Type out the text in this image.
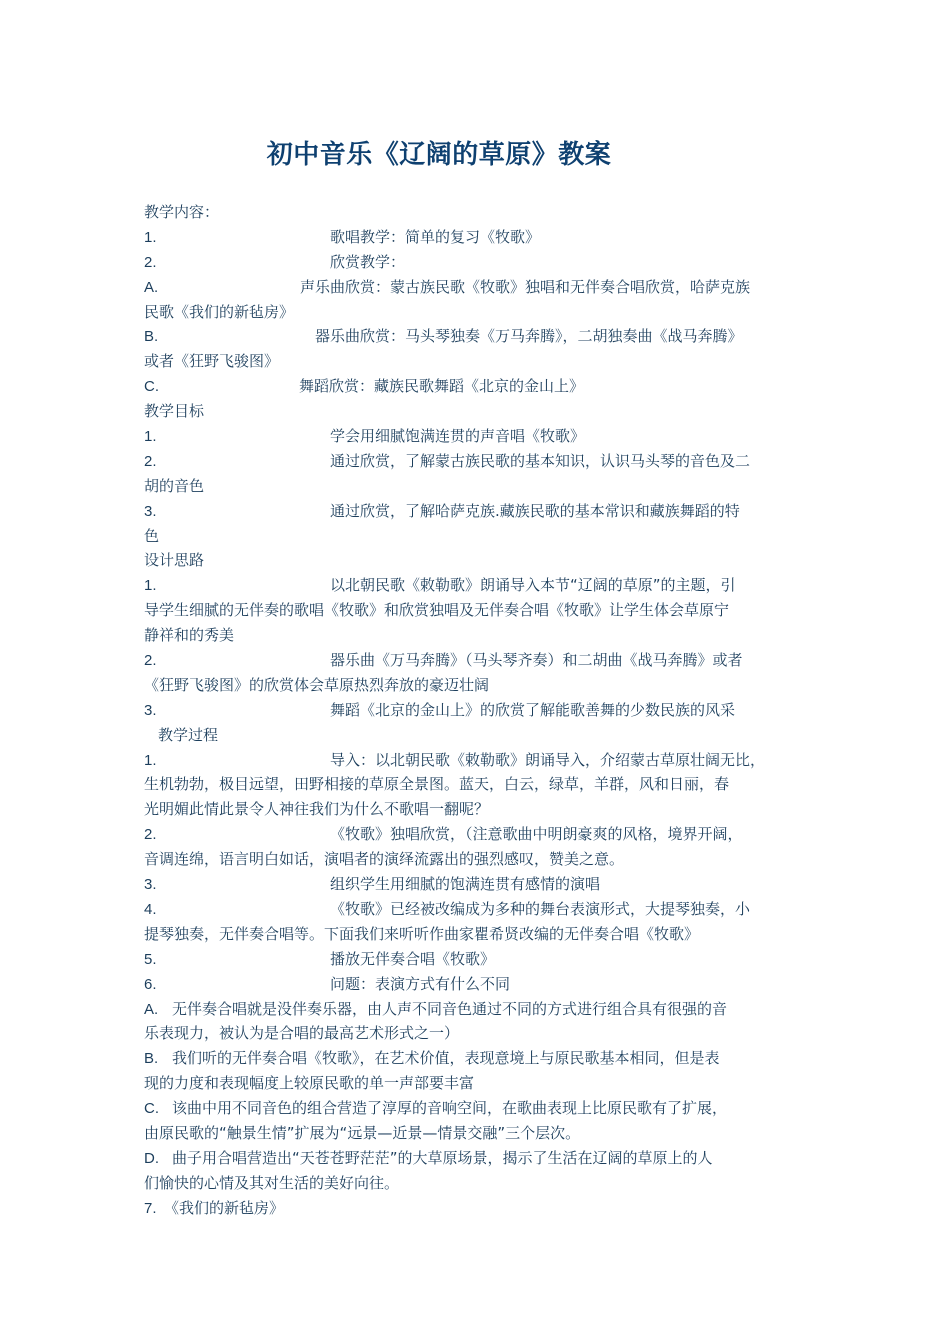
初中音乐《辽阔的草原》教案
教学内容：
1.	歌唱教学：简单的复习《牧歌》
2.	欣赏教学：
A.	声乐曲欣赏：蒙古族民歌《牧歌》独唱和无伴奏合唱欣赏，哈萨克族
民歌《我们的新毡房》
B.	器乐曲欣赏：马头琴独奏《万马奔腾》，二胡独奏曲《战马奔腾》
或者《狂野飞骏图》
C.	舞蹈欣赏：藏族民歌舞蹈《北京的金山上》
教学目标
1.	学会用细腻饱满连贯的声音唱《牧歌》
2.	通过欣赏，了解蒙古族民歌的基本知识，认识马头琴的音色及二
胡的音色
3.	通过欣赏，了解哈萨克族.藏族民歌的基本常识和藏族舞蹈的特
色
设计思路
1.	以北朝民歌《敕勒歌》朗诵导入本节“辽阔的草原”的主题，引
导学生细腻的无伴奏的歌唱《牧歌》和欣赏独唱及无伴奏合唱《牧歌》让学生体会草原宁
静祥和的秀美
2.	器乐曲《万马奔腾》（马头琴齐奏）和二胡曲《战马奔腾》或者
《狂野飞骏图》的欣赏体会草原热烈奔放的豪迈壮阔
3.	舞蹈《北京的金山上》的欣赏了解能歌善舞的少数民族的风采
教学过程
1.	导入：以北朝民歌《敕勒歌》朗诵导入，介绍蒙古草原壮阔无比，
生机勃勃，极目远望，田野相接的草原全景图。蓝天，白云，绿草，羊群，风和日丽，春
光明媚此情此景令人神往我们为什么不歌唱一翻呢？
2.	《牧歌》独唱欣赏，（注意歌曲中明朗豪爽的风格，境界开阔，
音调连绵，语言明白如话，演唱者的演绎流露出的强烈感叹，赞美之意。
3.	组织学生用细腻的饱满连贯有感情的演唱
4.	《牧歌》已经被改编成为多种的舞台表演形式，大提琴独奏，小
提琴独奏，无伴奏合唱等。下面我们来听听作曲家瞿希贤改编的无伴奏合唱《牧歌》
5.	播放无伴奏合唱《牧歌》
6.	问题：表演方式有什么不同
A. 无伴奏合唱就是没伴奏乐器，由人声不同音色通过不同的方式进行组合具有很强的音
乐表现力，被认为是合唱的最高艺术形式之一）
B. 我们听的无伴奏合唱《牧歌》，在艺术价值，表现意境上与原民歌基本相同，但是表
现的力度和表现幅度上较原民歌的单一声部要丰富
C. 该曲中用不同音色的组合营造了淳厚的音响空间，在歌曲表现上比原民歌有了扩展，
由原民歌的“触景生情”扩展为“远景—近景—情景交融”三个层次。
D. 曲子用合唱营造出“天苍苍野茫茫”的大草原场景，揭示了生活在辽阔的草原上的人
们愉快的心情及其对生活的美好向往。
7. 《我们的新毡房》
